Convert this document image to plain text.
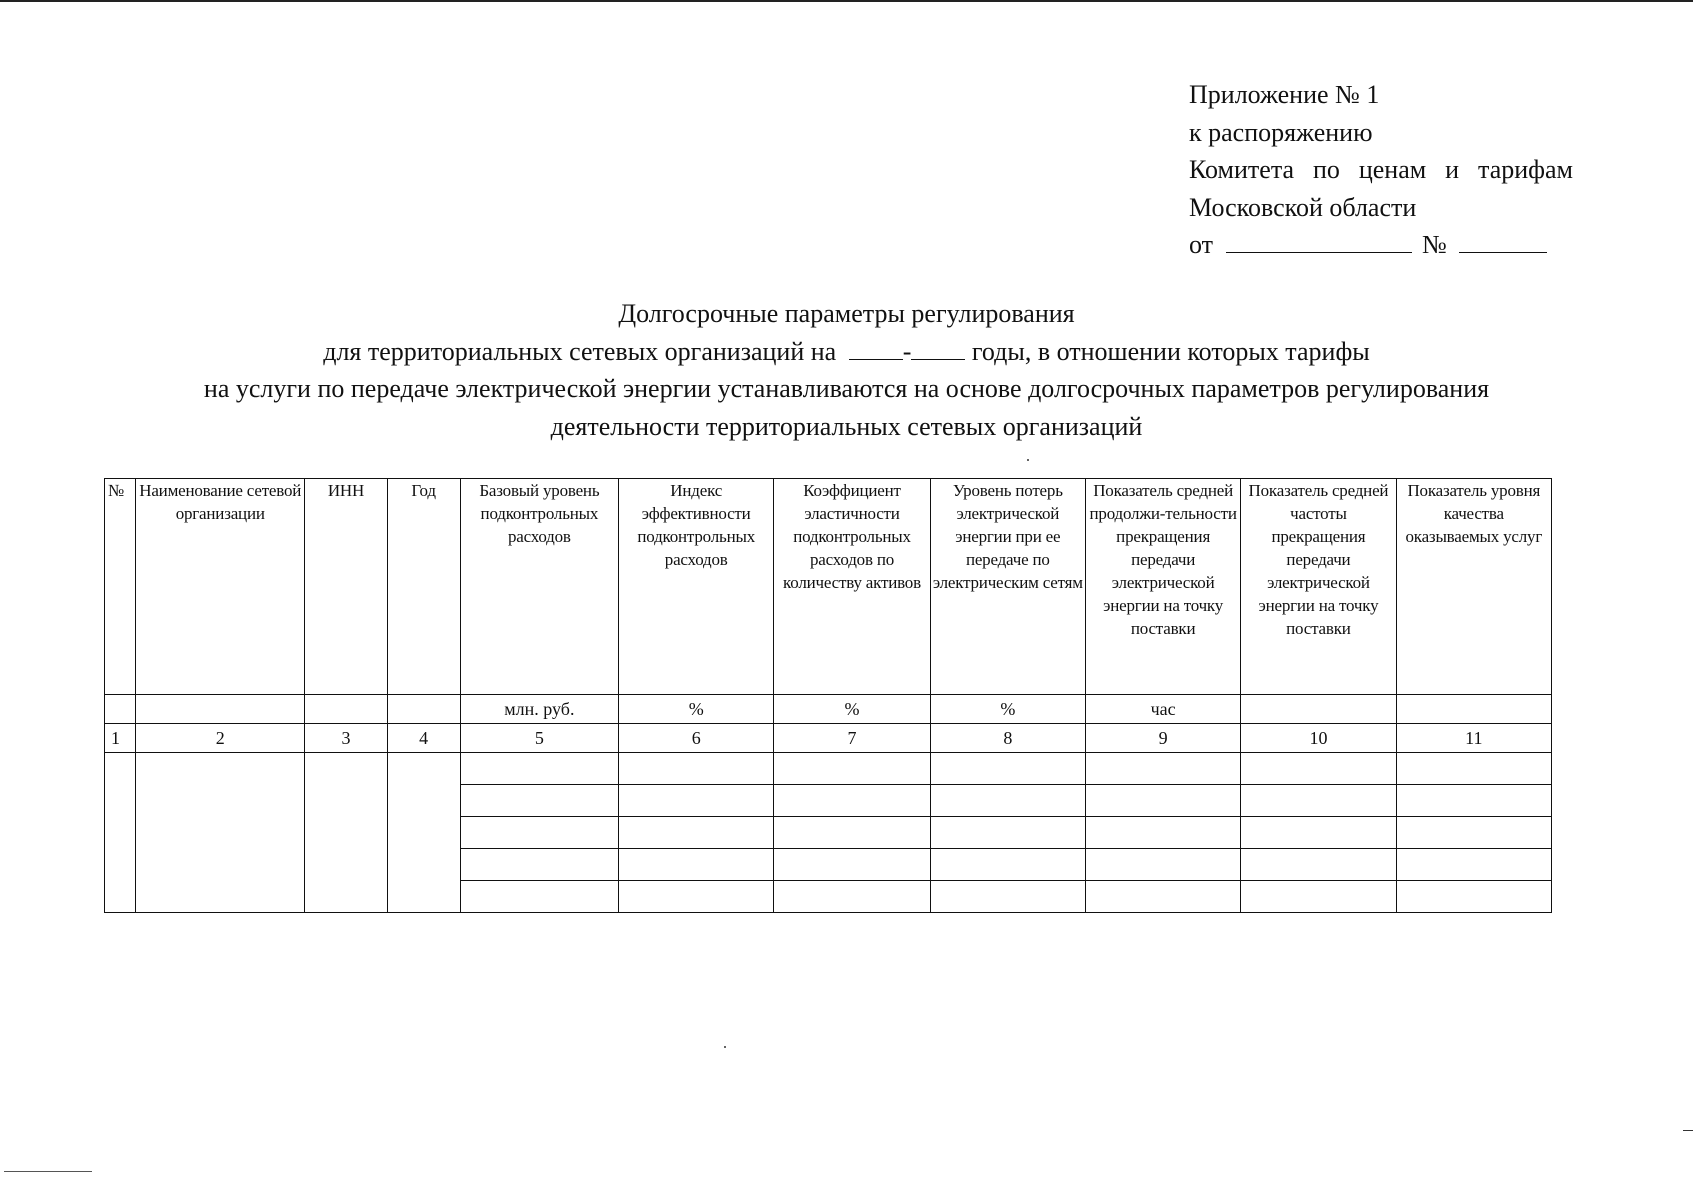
Приложение № 1
к распоряжению
Комитета по ценам и тарифам
Московской области
от	№
Долгосрочные параметры регулирования
для территориальных сетевых организаций на	- годы, в отношении которых тарифы
на услуги по передаче электрической энергии устанавливаются на основе долгосрочных параметров регулирования
деятельности территориальных сетевых организаций
№	Наименование сетевой организации	ИНН	Год	Базовый уровень подконтрольных расходов	Индекс эффективности подконтрольных расходов	Коэффициент эластичности подконтрольных расходов по количеству активов	Уровень потерь электрической энергии при ее передаче по электрическим сетям	Показатель средней продолжи-тельности прекращения передачи электрической энергии на точку поставки	Показатель средней частоты прекращения передачи электрической энергии на точку поставки	Показатель уровня качества оказываемых услуг
				млн. руб.	%	%	%	час		
1	2	3	4	5	6	7	8	9	10	11
